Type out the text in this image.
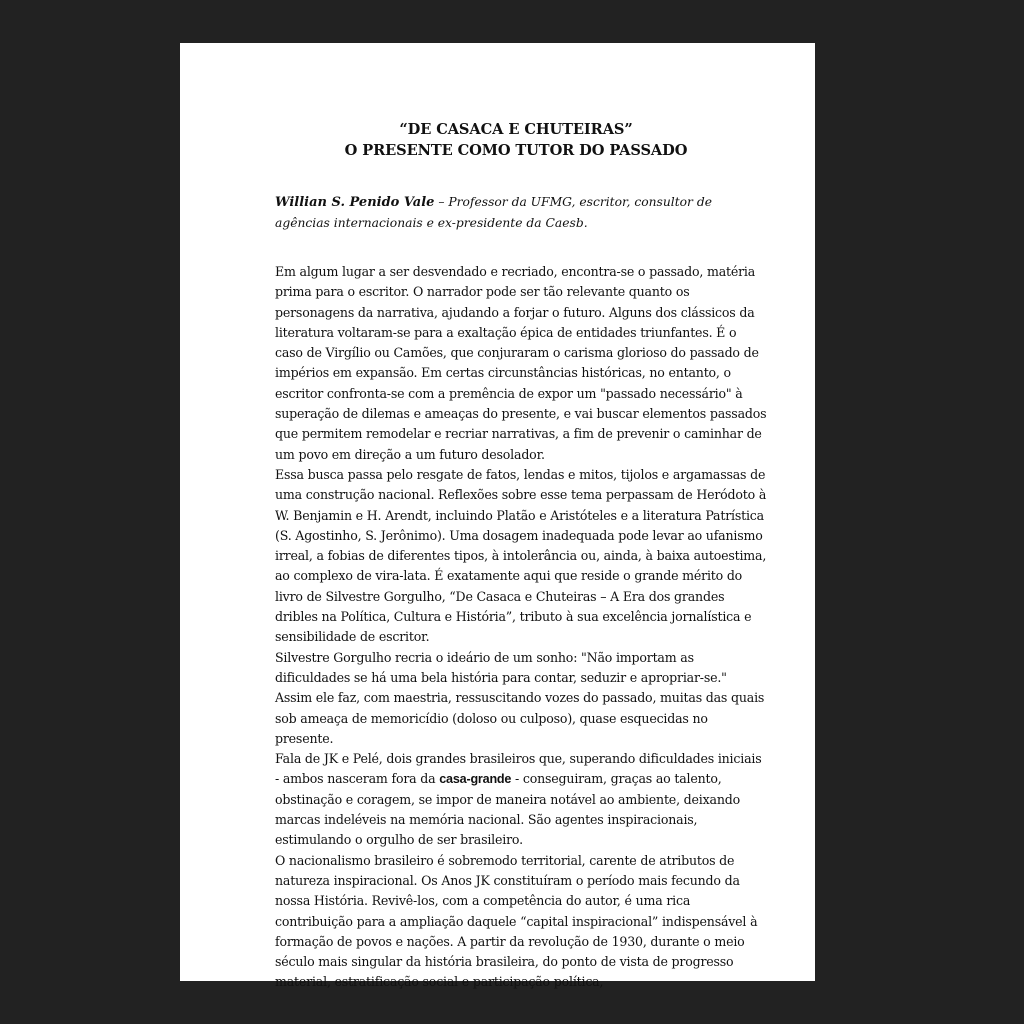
“DE CASACA E CHUTEIRAS”

O PRESENTE COMO TUTOR DO PASSADO

Willian S. Penido Vale – Professor da UFMG, escritor, consultor de agências internacionais e ex-presidente da Caesb.

Em algum lugar a ser desvendado e recriado, encontra-se o passado, matéria prima para o escritor. O narrador pode ser tão relevante quanto os personagens da narrativa, ajudando a forjar o futuro. Alguns dos clássicos da literatura voltaram-se para a exaltação épica de entidades triunfantes. É o caso de Virgílio ou Camões, que conjuraram o carisma glorioso do passado de impérios em expansão. Em certas circunstâncias históricas, no entanto, o escritor confronta-se com a premência de expor um "passado necessário" à superação de dilemas e ameaças do presente, e vai buscar elementos passados que permitem remodelar e recriar narrativas, a fim de prevenir o caminhar de um povo em direção a um futuro desolador.

Essa busca passa pelo resgate de fatos, lendas e mitos, tijolos e argamassas de uma construção nacional. Reflexões sobre esse tema perpassam de Heródoto à W. Benjamin e H. Arendt, incluindo Platão e Aristóteles e a literatura Patrística (S. Agostinho, S. Jerônimo). Uma dosagem inadequada pode levar ao ufanismo irreal, a fobias de diferentes tipos, à intolerância ou, ainda, à baixa autoestima, ao complexo de vira-lata. É exatamente aqui que reside o grande mérito do livro de Silvestre Gorgulho, “De Casaca e Chuteiras – A Era dos grandes dribles na Política, Cultura e História”, tributo à sua excelência jornalística e sensibilidade de escritor.

Silvestre Gorgulho recria o ideário de um sonho: "Não importam as dificuldades se há uma bela história para contar, seduzir e apropriar-se." Assim ele faz, com maestria, ressuscitando vozes do passado, muitas das quais sob ameaça de memoricídio (doloso ou culposo), quase esquecidas no presente.

Fala de JK e Pelé, dois grandes brasileiros que, superando dificuldades iniciais - ambos nasceram fora da casa-grande - conseguiram, graças ao talento, obstinação e coragem, se impor de maneira notável ao ambiente, deixando marcas indeléveis na memória nacional. São agentes inspiracionais, estimulando o orgulho de ser brasileiro.

O nacionalismo brasileiro é sobremodo territorial, carente de atributos de natureza inspiracional. Os Anos JK constituíram o período mais fecundo da nossa História. Revivê-los, com a competência do autor, é uma rica contribuição para a ampliação daquele “capital inspiracional” indispensável à formação de povos e nações. A partir da revolução de 1930, durante o meio século mais singular da história brasileira, do ponto de vista de progresso material, estratificação social e participação política,
